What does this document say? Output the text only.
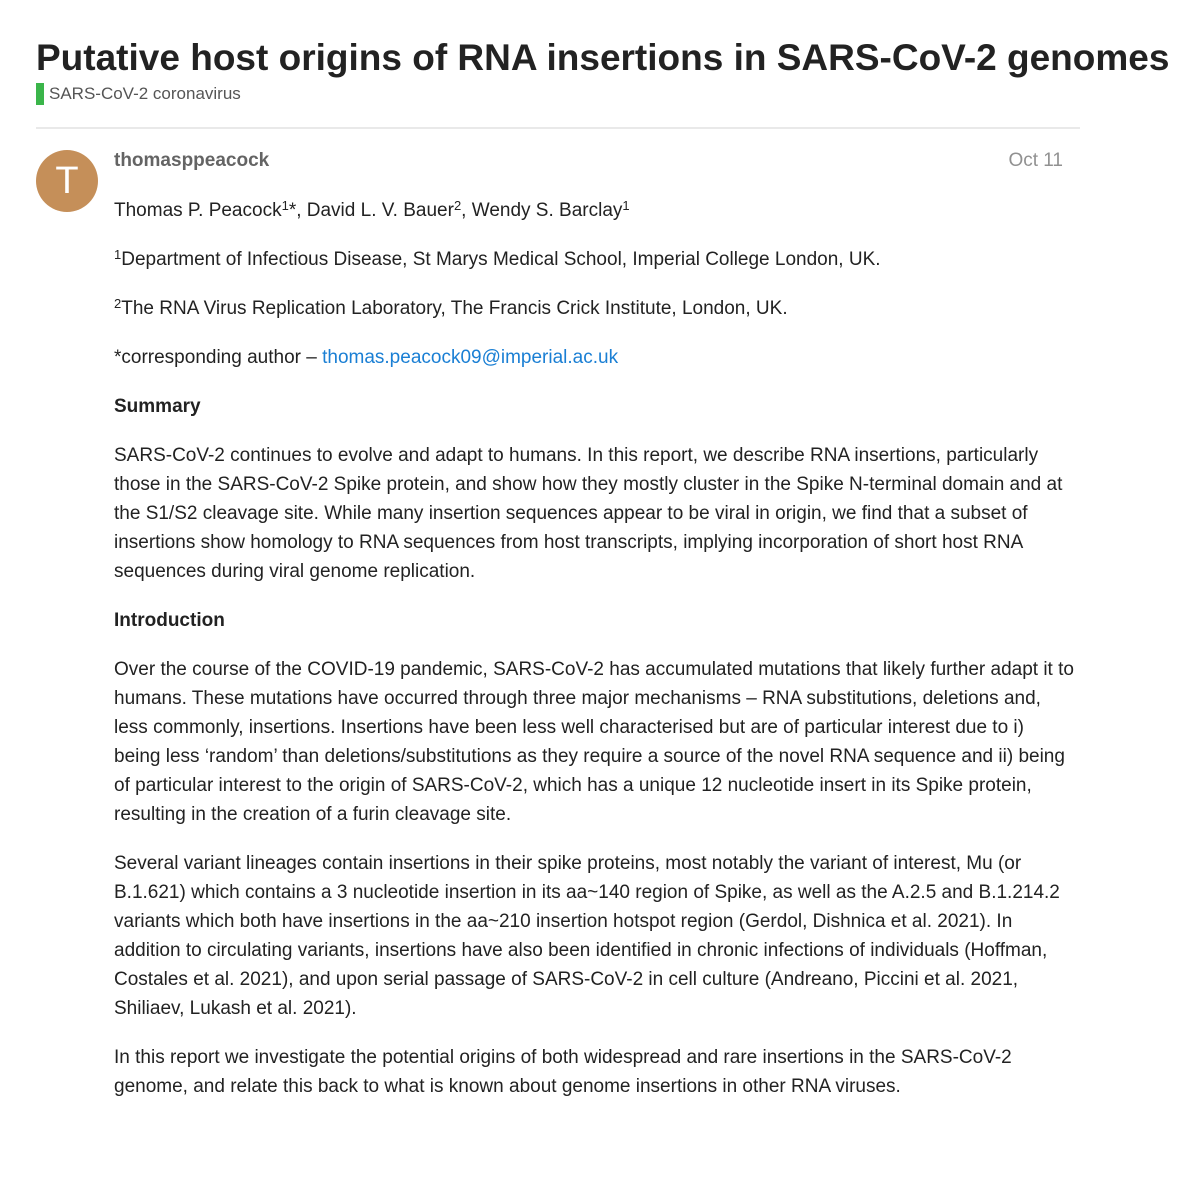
Putative host origins of RNA insertions in SARS-CoV-2 genomes
SARS-CoV-2 coronavirus
T	thomasppeacock	Oct 11

Thomas P. Peacock$^1$*, David L. V. Bauer$^2$, Wendy S. Barclay$^1$

$^1$Department of Infectious Disease, St Marys Medical School, Imperial College London, UK.

$^2$The RNA Virus Replication Laboratory, The Francis Crick Institute, London, UK.

*corresponding author – thomas.peacock09@imperial.ac.uk

Summary

SARS-CoV-2 continues to evolve and adapt to humans. In this report, we describe RNA insertions, particularly those in the SARS-CoV-2 Spike protein, and show how they mostly cluster in the Spike N-terminal domain and at the S1/S2 cleavage site. While many insertion sequences appear to be viral in origin, we find that a subset of insertions show homology to RNA sequences from host transcripts, implying incorporation of short host RNA sequences during viral genome replication.

Introduction

Over the course of the COVID-19 pandemic, SARS-CoV-2 has accumulated mutations that likely further adapt it to humans. These mutations have occurred through three major mechanisms – RNA substitutions, deletions and, less commonly, insertions. Insertions have been less well characterised but are of particular interest due to i) being less ‘random’ than deletions/substitutions as they require a source of the novel RNA sequence and ii) being of particular interest to the origin of SARS-CoV-2, which has a unique 12 nucleotide insert in its Spike protein, resulting in the creation of a furin cleavage site.

Several variant lineages contain insertions in their spike proteins, most notably the variant of interest, Mu (or B.1.621) which contains a 3 nucleotide insertion in its aa~140 region of Spike, as well as the A.2.5 and B.1.214.2 variants which both have insertions in the aa~210 insertion hotspot region (Gerdol, Dishnica et al. 2021). In addition to circulating variants, insertions have also been identified in chronic infections of individuals (Hoffman, Costales et al. 2021), and upon serial passage of SARS-CoV-2 in cell culture (Andreano, Piccini et al. 2021, Shiliaev, Lukash et al. 2021).

In this report we investigate the potential origins of both widespread and rare insertions in the SARS-CoV-2 genome, and relate this back to what is known about genome insertions in other RNA viruses.
